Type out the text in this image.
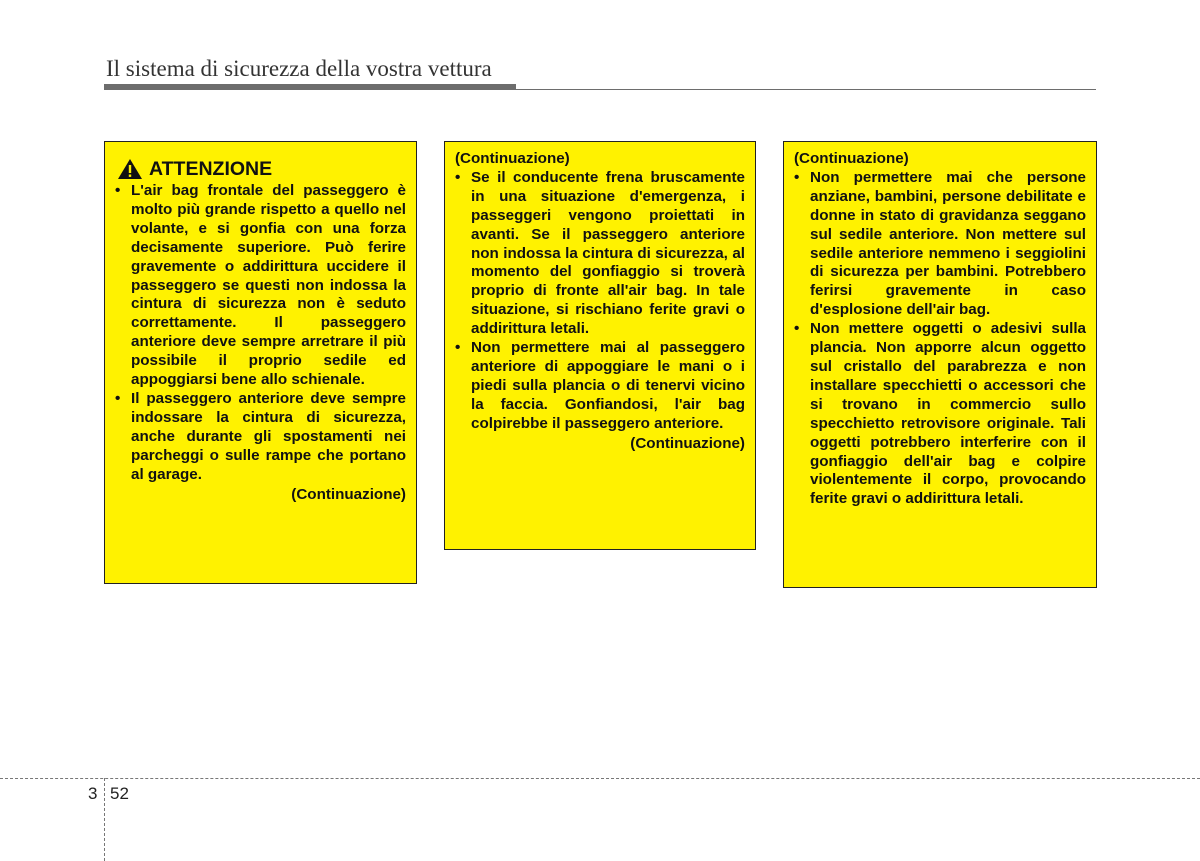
Il sistema di sicurezza della vostra vettura
ATTENZIONE
• L'air bag frontale del passeggero è molto più grande rispetto a quello nel volante, e si gonfia con una forza decisamente superiore. Può ferire gravemente o addirittura uccidere il passeggero se questi non indossa la cintura di sicurezza non è seduto correttamente. Il passeggero anteriore deve sempre arretrare il più possibile il proprio sedile ed appoggiarsi bene allo schienale.
• Il passeggero anteriore deve sempre indossare la cintura di sicurezza, anche durante gli spostamenti nei parcheggi o sulle rampe che portano al garage.
(Continuazione)
(Continuazione)
• Se il conducente frena bruscamente in una situazione d'emergenza, i passeggeri vengono proiettati in avanti. Se il passeggero anteriore non indossa la cintura di sicurezza, al momento del gonfiaggio si troverà proprio di fronte all'air bag. In tale situazione, si rischiano ferite gravi o addirittura letali.
• Non permettere mai al passeggero anteriore di appoggiare le mani o i piedi sulla plancia o di tenervi vicino la faccia. Gonfiandosi, l'air bag colpirebbe il passeggero anteriore.
(Continuazione)
(Continuazione)
• Non permettere mai che persone anziane, bambini, persone debilitate e donne in stato di gravidanza seggano sul sedile anteriore. Non mettere sul sedile anteriore nemmeno i seggiolini di sicurezza per bambini. Potrebbero ferirsi gravemente in caso d'esplosione dell'air bag.
• Non mettere oggetti o adesivi sulla plancia. Non apporre alcun oggetto sul cristallo del parabrezza e non installare specchietti o accessori che si trovano in commercio sullo specchietto retrovisore originale. Tali oggetti potrebbero interferire con il gonfiaggio dell'air bag e colpire violentemente il corpo, provocando ferite gravi o addirittura letali.
3 52
